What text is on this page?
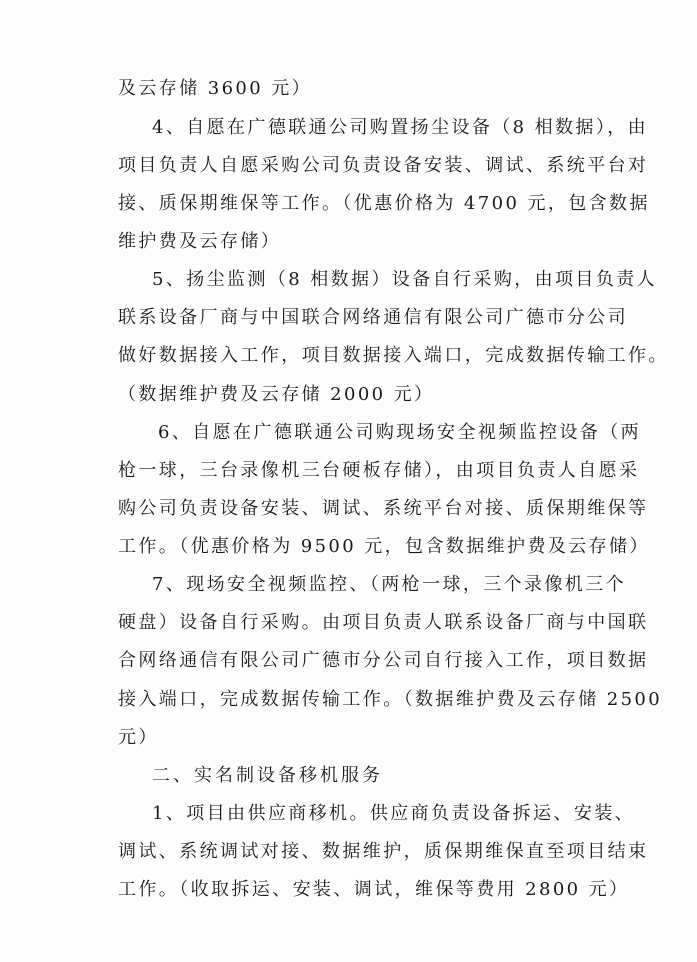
及云存储 3600 元）
4、自愿在广德联通公司购置扬尘设备（8 相数据），由
项目负责人自愿采购公司负责设备安装、调试、系统平台对
接、质保期维保等工作。（优惠价格为 4700 元，包含数据
维护费及云存储）
5、扬尘监测（8 相数据）设备自行采购，由项目负责人
联系设备厂商与中国联合网络通信有限公司广德市分公司
做好数据接入工作，项目数据接入端口，完成数据传输工作。
（数据维护费及云存储 2000 元）
6、自愿在广德联通公司购现场安全视频监控设备（两
枪一球，三台录像机三台硬板存储），由项目负责人自愿采
购公司负责设备安装、调试、系统平台对接、质保期维保等
工作。（优惠价格为 9500 元，包含数据维护费及云存储）
7、现场安全视频监控、（两枪一球，三个录像机三个
硬盘）设备自行采购。由项目负责人联系设备厂商与中国联
合网络通信有限公司广德市分公司自行接入工作，项目数据
接入端口，完成数据传输工作。（数据维护费及云存储 2500
元）
二、实名制设备移机服务
1、项目由供应商移机。供应商负责设备拆运、安装、
调试、系统调试对接、数据维护，质保期维保直至项目结束
工作。（收取拆运、安装、调试，维保等费用 2800 元）
